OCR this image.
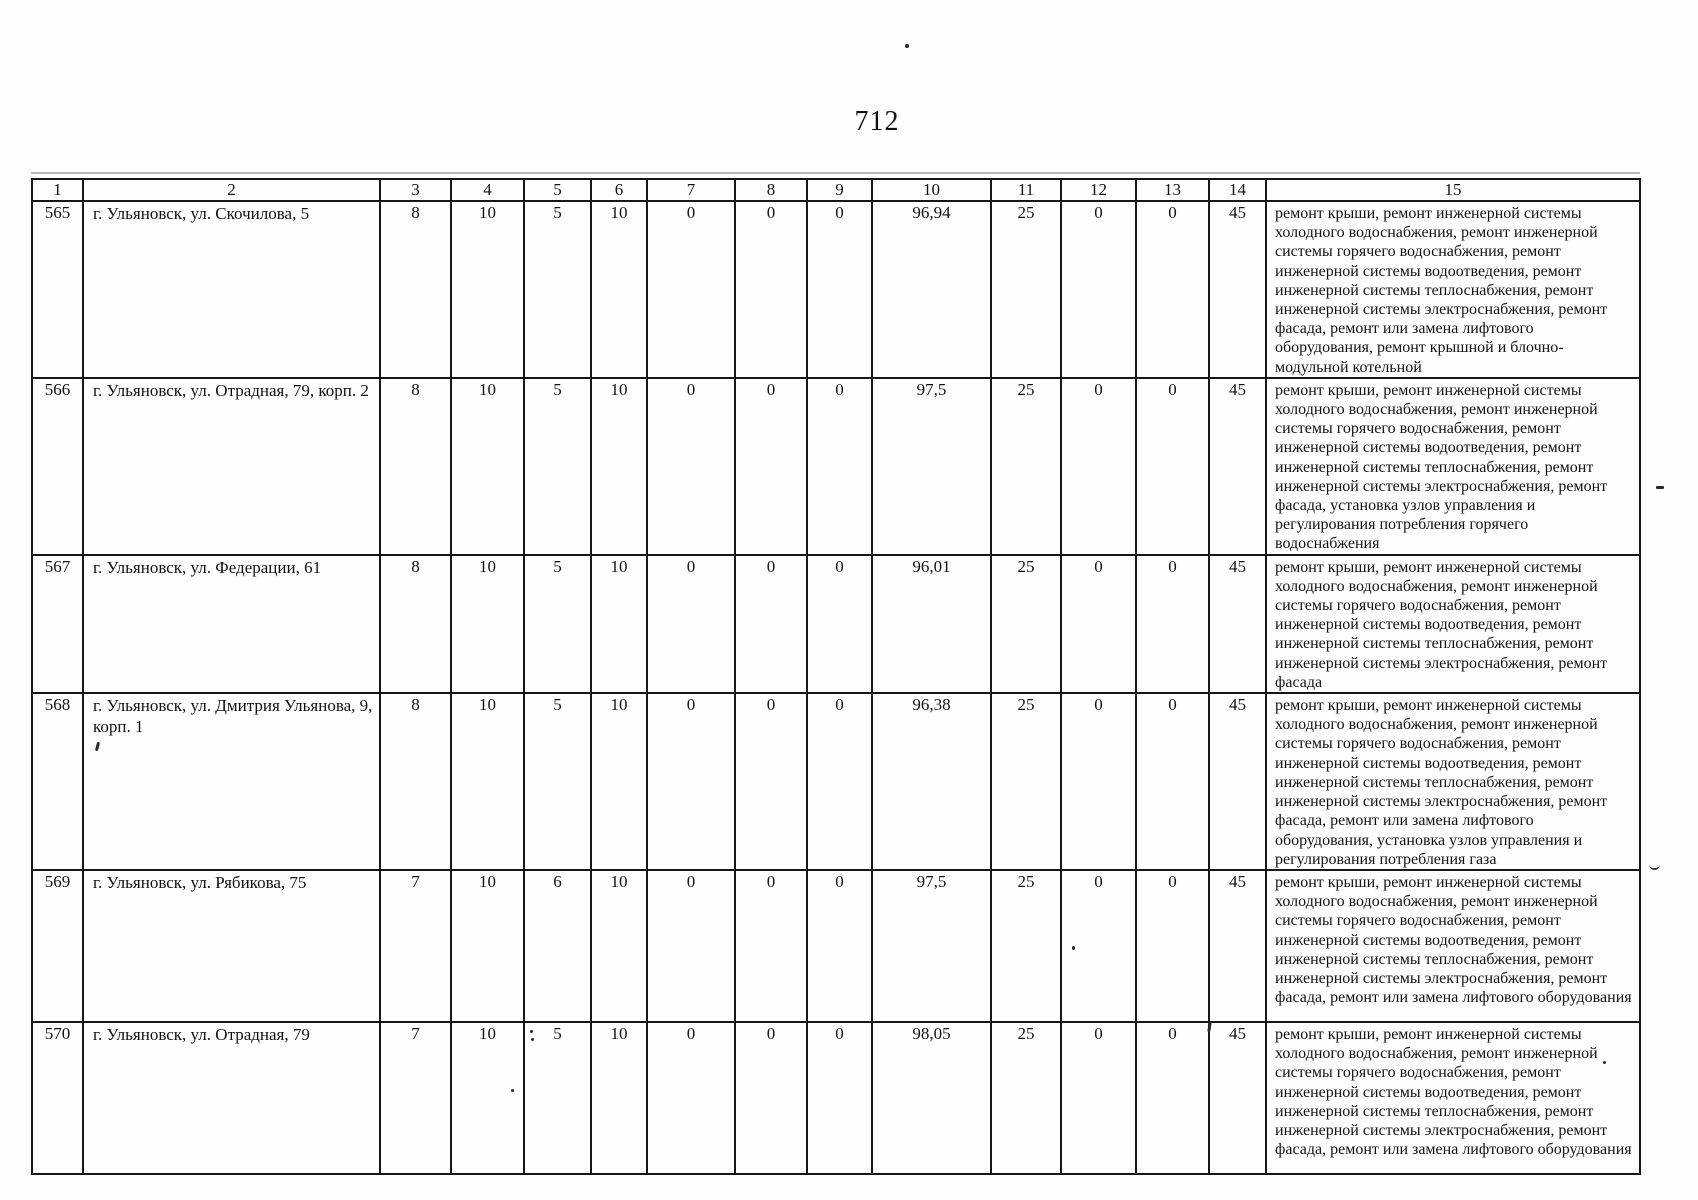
712
1	2	3	4	5	6	7	8	9	10	11	12	13	14	15
565	г. Ульяновск, ул. Скочилова, 5	8	10	5	10	0	0	0	96,94	25	0	0	45	ремонт крыши, ремонт инженерной системы холодного водоснабжения, ремонт инженерной системы горячего водоснабжения, ремонт инженерной системы водоотведения, ремонт инженерной системы теплоснабжения, ремонт инженерной системы электроснабжения, ремонт фасада, ремонт или замена лифтового оборудования, ремонт крышной и блочно-модульной котельной
566	г. Ульяновск, ул. Отрадная, 79, корп. 2	8	10	5	10	0	0	0	97,5	25	0	0	45	ремонт крыши, ремонт инженерной системы холодного водоснабжения, ремонт инженерной системы горячего водоснабжения, ремонт инженерной системы водоотведения, ремонт инженерной системы теплоснабжения, ремонт инженерной системы электроснабжения, ремонт фасада, установка узлов управления и регулирования потребления горячего водоснабжения
567	г. Ульяновск, ул. Федерации, 61	8	10	5	10	0	0	0	96,01	25	0	0	45	ремонт крыши, ремонт инженерной системы холодного водоснабжения, ремонт инженерной системы горячего водоснабжения, ремонт инженерной системы водоотведения, ремонт инженерной системы теплоснабжения, ремонт инженерной системы электроснабжения, ремонт фасада
568	г. Ульяновск, ул. Дмитрия Ульянова, 9, корп. 1	8	10	5	10	0	0	0	96,38	25	0	0	45	ремонт крыши, ремонт инженерной системы холодного водоснабжения, ремонт инженерной системы горячего водоснабжения, ремонт инженерной системы водоотведения, ремонт инженерной системы теплоснабжения, ремонт инженерной системы электроснабжения, ремонт фасада, ремонт или замена лифтового оборудования, установка узлов управления и регулирования потребления газа
569	г. Ульяновск, ул. Рябикова, 75	7	10	6	10	0	0	0	97,5	25	0	0	45	ремонт крыши, ремонт инженерной системы холодного водоснабжения, ремонт инженерной системы горячего водоснабжения, ремонт инженерной системы водоотведения, ремонт инженерной системы теплоснабжения, ремонт инженерной системы электроснабжения, ремонт фасада, ремонт или замена лифтового оборудования
570	г. Ульяновск, ул. Отрадная, 79	7	10	5	10	0	0	0	98,05	25	0	0	45	ремонт крыши, ремонт инженерной системы холодного водоснабжения, ремонт инженерной системы горячего водоснабжения, ремонт инженерной системы водоотведения, ремонт инженерной системы теплоснабжения, ремонт инженерной системы электроснабжения, ремонт фасада, ремонт или замена лифтового оборудования
